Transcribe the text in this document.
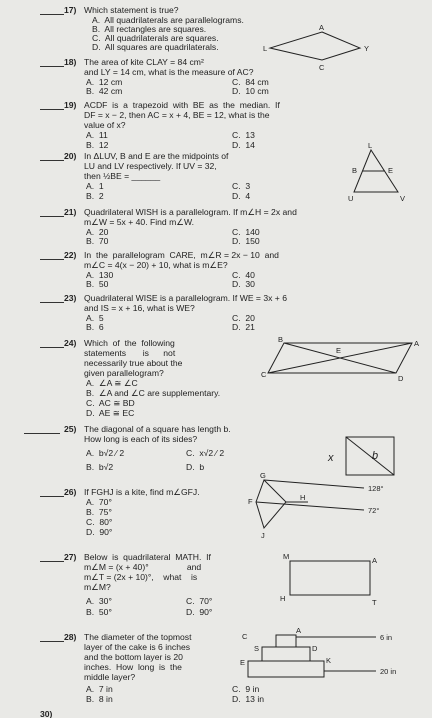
17) Which statement is true?
A.  All quadrilaterals are parallelograms.
B.  All rectangles are squares.
C.  All quadrilaterals are squares.
D.  All squares are quadrilaterals.
A
L	Y
C
18) The area of kite CLAY = 84 cm²
and LY = 14 cm, what is the measure of AC?
A.  12 cm
B.  42 cm
C.  84 cm
D.  10 cm
19) ACDF  is  a  trapezoid  with  BE  as  the  median.  If
DF = x − 2, then AC = x + 4, BE = 12, what is the
value of x?
A.  11
B.  12
C.  13
D.  14
20) In ΔLUV, B and E are the midpoints of
LU and LV respectively. If UV = 32,
then ½BE = ______
A.  1
B.  2
C.  3
D.  4
L
B	E
U	V
21) Quadrilateral WISH is a parallelogram. If m∠H = 2x and
m∠W = 5x + 40. Find m∠W.
A.  20
B.  70
C.  140
D.  150
22) In  the  parallelogram  CARE,  m∠R = 2x − 10  and
m∠C = 4(x − 20) + 10, what is m∠E?
A.  130
B.  50
C.  40
D.  30
23) Quadrilateral WISE is a parallelogram. If WE = 3x + 6
and IS = x + 16, what is WE?
A.  5
B.  6
C.  20
D.  21
24) Which  of  the  following
statements       is      not
necessarily true about the
given parallelogram?
A.  ∠A ≅ ∠C
B.  ∠A and ∠C are supplementary.
C.  AC ≅ BD
D.  AE ≅ EC
B	A
E
C	D
25) The diagonal of a square has length b.
How long is each of its sides?
A.  b√2 ⁄ 2
B.  b√2
C.  x√2 ⁄ 2
D.  b
x	b
26) If FGHJ is a kite, find m∠GFJ.
A.  70°
B.  75°
C.  80°
D.  90°
G
F	H
J
128°
72°
27) Below  is  quadrilateral  MATH.  If
m∠M = (x + 40)°                and
m∠T = (2x + 10)°,    what    is
m∠M?
A.  30°
B.  50°
C.  70°
D.  90°
M	A
H	T
28) The diameter of the topmost
layer of the cake is 6 inches
and the bottom layer is 20
inches.  How  long  is  the
middle layer?
A.  7 in
B.  8 in
C.  9 in
D.  13 in
C
A
S	D
E	K
6 in
20 in
30)
